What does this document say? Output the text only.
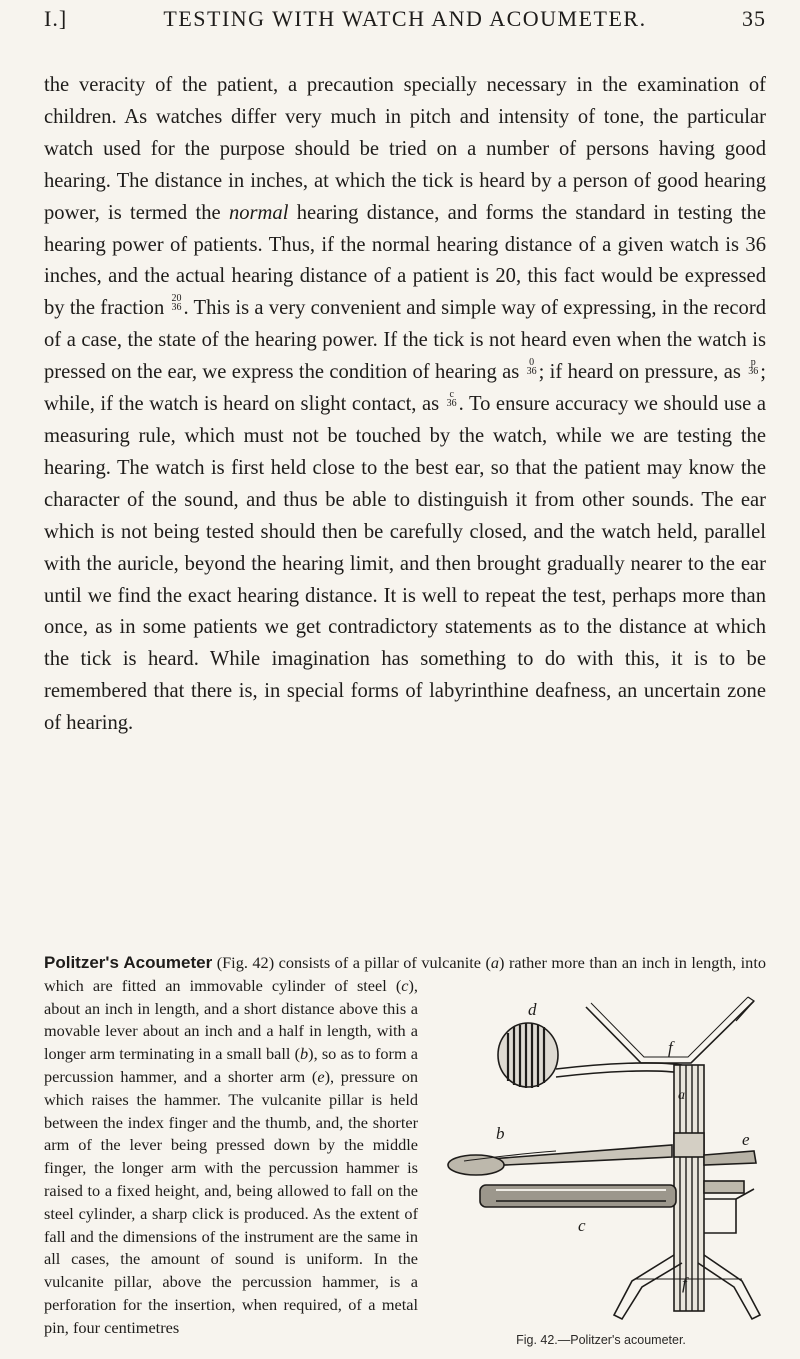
I.]	TESTING WITH WATCH AND ACOUMETER.	35

the veracity of the patient, a precaution specially necessary in the examination of children. As watches differ very much in pitch and intensity of tone, the particular watch used for the purpose should be tried on a number of persons having good hearing. The distance in inches, at which the tick is heard by a person of good hearing power, is termed the normal hearing distance, and forms the standard in testing the hearing power of patients. Thus, if the normal hearing distance of a given watch is 36 inches, and the actual hearing distance of a patient is 20, this fact would be expressed by the fraction 20
36 . This is a very convenient and simple way of expressing, in the record of a case, the state of the hearing power. If the tick is not heard even when the watch is pressed on the ear, we express the condition of hearing as 0
36 ; if heard on pressure, as p
36 ; while, if the watch is heard on slight contact, as c
36 . To ensure accuracy we should use a measuring rule, which must not be touched by the watch, while we are testing the hearing. The watch is first held close to the best ear, so that the patient may know the character of the sound, and thus be able to distinguish it from other sounds. The ear which is not being tested should then be carefully closed, and the watch held, parallel with the auricle, beyond the hearing limit, and then brought gradually nearer to the ear until we find the exact hearing distance. It is well to repeat the test, perhaps more than once, as in some patients we get contradictory statements as to the distance at which the tick is heard. While imagination has something to do with this, it is to be remembered that there is, in special forms of labyrinthine deafness, an uncertain zone of hearing.

Politzer's Acoumeter (Fig. 42) consists of a pillar of vulcanite (a) rather more than an inch in length, into which are fitted an immovable cylinder of steel (c
d
f
b
a
e
c
f
Fig. 42.—Politzer's acoumeter.
), about an inch in length, and a short distance above this a movable lever about an inch and a half in length, with a longer arm terminating in a small ball (b), so as to form a percussion hammer, and a shorter arm (e), pressure on which raises the hammer. The vulcanite pillar is held between the index finger and the thumb, and, the shorter arm of the lever being pressed down by the middle finger, the longer arm with the percussion hammer is raised to a fixed height, and, being allowed to fall on the steel cylinder, a sharp click is produced. As the extent of fall and the dimensions of the instrument are the same in all cases, the amount of sound is uniform. In the vulcanite pillar, above the percussion hammer, is a perforation for the insertion, when required, of a metal pin, four centimetres
